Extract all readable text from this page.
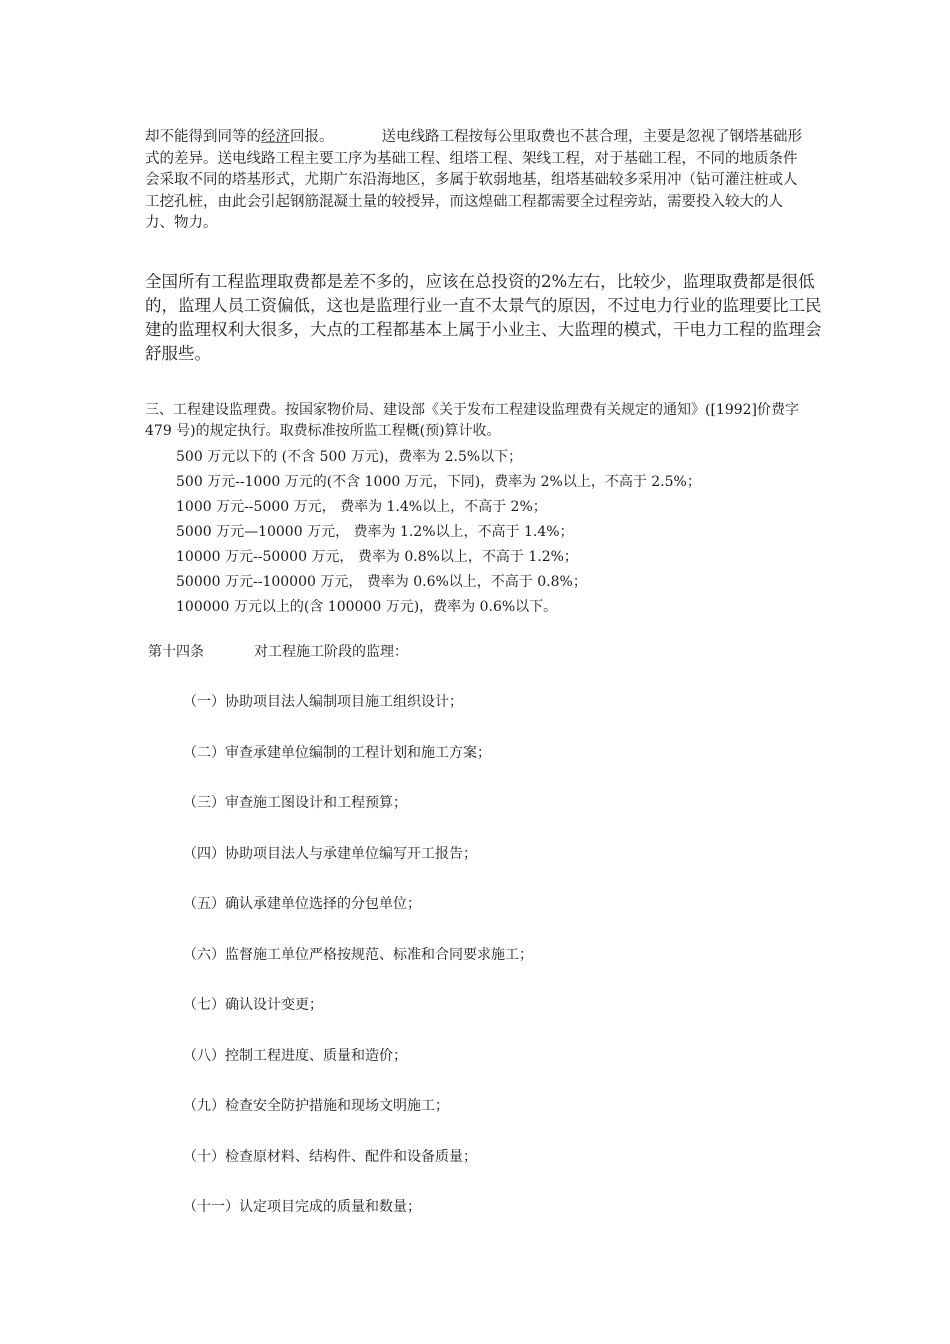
却不能得到同等的经济回报。	送电线路工程按每公里取费也不甚合理，主要是忽视了钢塔基础形式的差异。送电线路工程主要工序为基础工程、组塔工程、架线工程，对于基础工程，不同的地质条件会采取不同的塔基形式，尤期广东沿海地区，多属于软弱地基，组塔基础较多采用冲（钻可灌注桩或人工挖孔桩，由此会引起钢筋混凝土量的较授异，而这煌础工程都需要全过程旁站，需要投入较大的人力、物力。

全国所有工程监理取费都是差不多的，应该在总投资的2%左右，比较少，监理取费都是很低的，监理人员工资偏低，这也是监理行业一直不太景气的原因，不过电力行业的监理要比工民建的监理权利大很多，大点的工程都基本上属于小业主、大监理的模式，干电力工程的监理会舒服些。

三、工程建设监理费。按国家物价局、建设部《关于发布工程建设监理费有关规定的通知》([1992]价费字 479 号)的规定执行。取费标准按所监工程概(预)算计收。

500 万元以下的 (不含 500 万元)，费率为 2.5%以下；
500 万元--1000 万元的(不含 1000 万元，下同)，费率为 2%以上，不高于 2.5%；
1000 万元--5000 万元， 费率为 1.4%以上，不高于 2%；
5000 万元—10000 万元， 费率为 1.2%以上，不高于 1.4%；
10000 万元--50000 万元， 费率为 0.8%以上，不高于 1.2%；
50000 万元--100000 万元， 费率为 0.6%以上，不高于 0.8%；
100000 万元以上的(含 100000 万元)，费率为 0.6%以下。

第十四条	对工程施工阶段的监理：

（一）协助项目法人编制项目施工组织设计；
（二）审查承建单位编制的工程计划和施工方案；
（三）审查施工图设计和工程预算；
（四）协助项目法人与承建单位编写开工报告；
（五）确认承建单位选择的分包单位；
（六）监督施工单位严格按规范、标准和合同要求施工；
（七）确认设计变更；
（八）控制工程进度、质量和造价；
（九）检查安全防护措施和现场文明施工；
（十）检查原材料、结构件、配件和设备质量；
（十一）认定项目完成的质量和数量；
